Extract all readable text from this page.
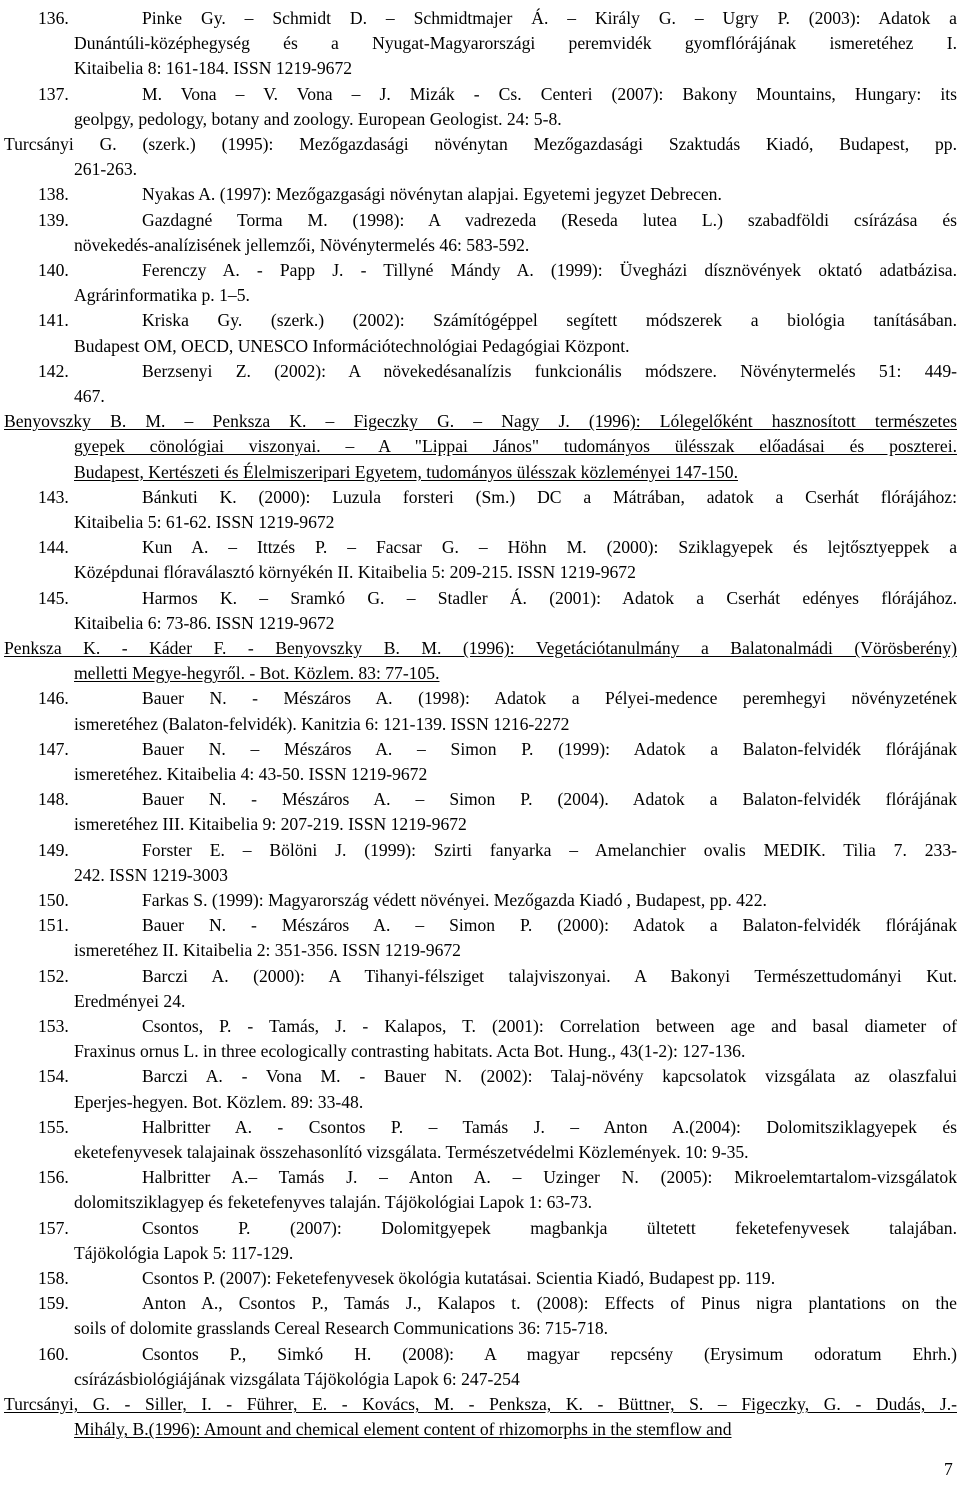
136.	Pinke Gy. – Schmidt D. – Schmidtmajer Á. – Király G. – Ugry P. (2003): Adatok a
Dunántúli-középhegység és a Nyugat-Magyarországi peremvidék gyomflórájának ismeretéhez I.
Kitaibelia 8: 161-184. ISSN 1219-9672
137.	M. Vona – V. Vona – J. Mizák - Cs. Centeri (2007): Bakony Mountains, Hungary: its
geolpgy, pedology, botany and zoology. European Geologist. 24: 5-8.
Turcsányi G. (szerk.) (1995): Mezőgazdasági növénytan Mezőgazdasági Szaktudás Kiadó, Budapest, pp.
261-263.
138.	Nyakas A. (1997): Mezőgazgasági növénytan alapjai. Egyetemi jegyzet Debrecen.
139.	Gazdagné Torma M. (1998): A vadrezeda (Reseda lutea L.) szabadföldi csírázása és
növekedés-analízisének jellemzői, Növénytermelés 46: 583-592.
140.	Ferenczy A. - Papp J. - Tillyné Mándy A. (1999): Üvegházi dísznövények oktató adatbázisa.
Agrárinformatika p. 1–5.
141.	Kriska Gy. (szerk.) (2002): Számítógéppel segített módszerek a biológia tanításában.
Budapest OM, OECD, UNESCO Információtechnológiai Pedagógiai Központ.
142.	Berzsenyi Z. (2002): A növekedésanalízis funkcionális módszere. Növénytermelés 51: 449-
467.
Benyovszky B. M. – Penksza K. – Figeczky G. – Nagy J. (1996): Lólegelőként hasznosított természetes
gyepek cönológiai viszonyai. – A "Lippai János" tudományos ülésszak előadásai és poszterei.
Budapest, Kertészeti és Élelmiszeripari Egyetem, tudományos ülésszak közleményei 147-150.
143.	Bánkuti K. (2000): Luzula forsteri (Sm.) DC a Mátrában, adatok a Cserhát flórájához:
Kitaibelia 5: 61-62. ISSN 1219-9672
144.	Kun A. – Ittzés P. – Facsar G. – Höhn M. (2000): Sziklagyepek és lejtősztyeppek a
Középdunai flóraválasztó környékén II. Kitaibelia 5: 209-215. ISSN 1219-9672
145.	Harmos K. – Sramkó G. – Stadler Á. (2001): Adatok a Cserhát edényes flórájához.
Kitaibelia 6: 73-86. ISSN 1219-9672
Penksza K. - Káder F. - Benyovszky B. M. (1996): Vegetációtanulmány a Balatonalmádi (Vörösberény)
melletti Megye-hegyről. - Bot. Közlem. 83: 77-105.
146.	Bauer N. - Mészáros A. (1998): Adatok a Pélyei-medence peremhegyi növényzetének
ismeretéhez (Balaton-felvidék). Kanitzia 6: 121-139. ISSN 1216-2272
147.	Bauer N. – Mészáros A. – Simon P. (1999): Adatok a Balaton-felvidék flórájának
ismeretéhez. Kitaibelia 4: 43-50. ISSN 1219-9672
148.	Bauer N. - Mészáros A. – Simon P. (2004). Adatok a Balaton-felvidék flórájának
ismeretéhez III. Kitaibelia 9: 207-219. ISSN 1219-9672
149.	Forster E. – Bölöni J. (1999): Szirti fanyarka – Amelanchier ovalis MEDIK. Tilia 7. 233-
242. ISSN 1219-3003
150.	Farkas S. (1999): Magyarország védett növényei. Mezőgazda Kiadó , Budapest, pp. 422.
151.	Bauer N. - Mészáros A. – Simon P. (2000): Adatok a Balaton-felvidék flórájának
ismeretéhez II. Kitaibelia 2: 351-356. ISSN 1219-9672
152.	Barczi A. (2000): A Tihanyi-félsziget talajviszonyai. A Bakonyi Természettudományi Kut.
Eredményei 24.
153.	Csontos, P. - Tamás, J. - Kalapos, T. (2001): Correlation between age and basal diameter of
Fraxinus ornus L. in three ecologically contrasting habitats. Acta Bot. Hung., 43(1-2): 127-136.
154.	Barczi A. - Vona M. - Bauer N. (2002): Talaj-növény kapcsolatok vizsgálata az olaszfalui
Eperjes-hegyen. Bot. Közlem. 89: 33-48.
155.	Halbritter A. - Csontos P. – Tamás J. – Anton A.(2004): Dolomitsziklagyepek és
eketefenyvesek talajainak összehasonlító vizsgálata. Természetvédelmi Közlemények. 10: 9-35.
156.	Halbritter A.– Tamás J. – Anton A. – Uzinger N. (2005): Mikroelemtartalom-vizsgálatok
dolomitsziklagyep és feketefenyves talaján. Tájökológiai Lapok 1: 63-73.
157.	Csontos P. (2007): Dolomitgyepek magbankja ültetett feketefenyvesek talajában.
Tájökológia Lapok 5: 117-129.
158.	Csontos P. (2007): Feketefenyvesek ökológia kutatásai. Scientia Kiadó, Budapest pp. 119.
159.	Anton A., Csontos P., Tamás J., Kalapos t. (2008): Effects of Pinus nigra plantations on the
soils of dolomite grasslands Cereal Research Communications 36: 715-718.
160.	Csontos P., Simkó H. (2008): A magyar repcsény (Erysimum odoratum Ehrh.)
csírázásbiológiájának vizsgálata Tájökológia Lapok 6: 247-254
Turcsányi, G. - Siller, I. - Führer, E. - Kovács, M. - Penksza, K. - Büttner, S. – Figeczky, G. - Dudás, J.-
Mihály, B.(1996): Amount and chemical element content of rhizomorphs in the stemflow and
7
